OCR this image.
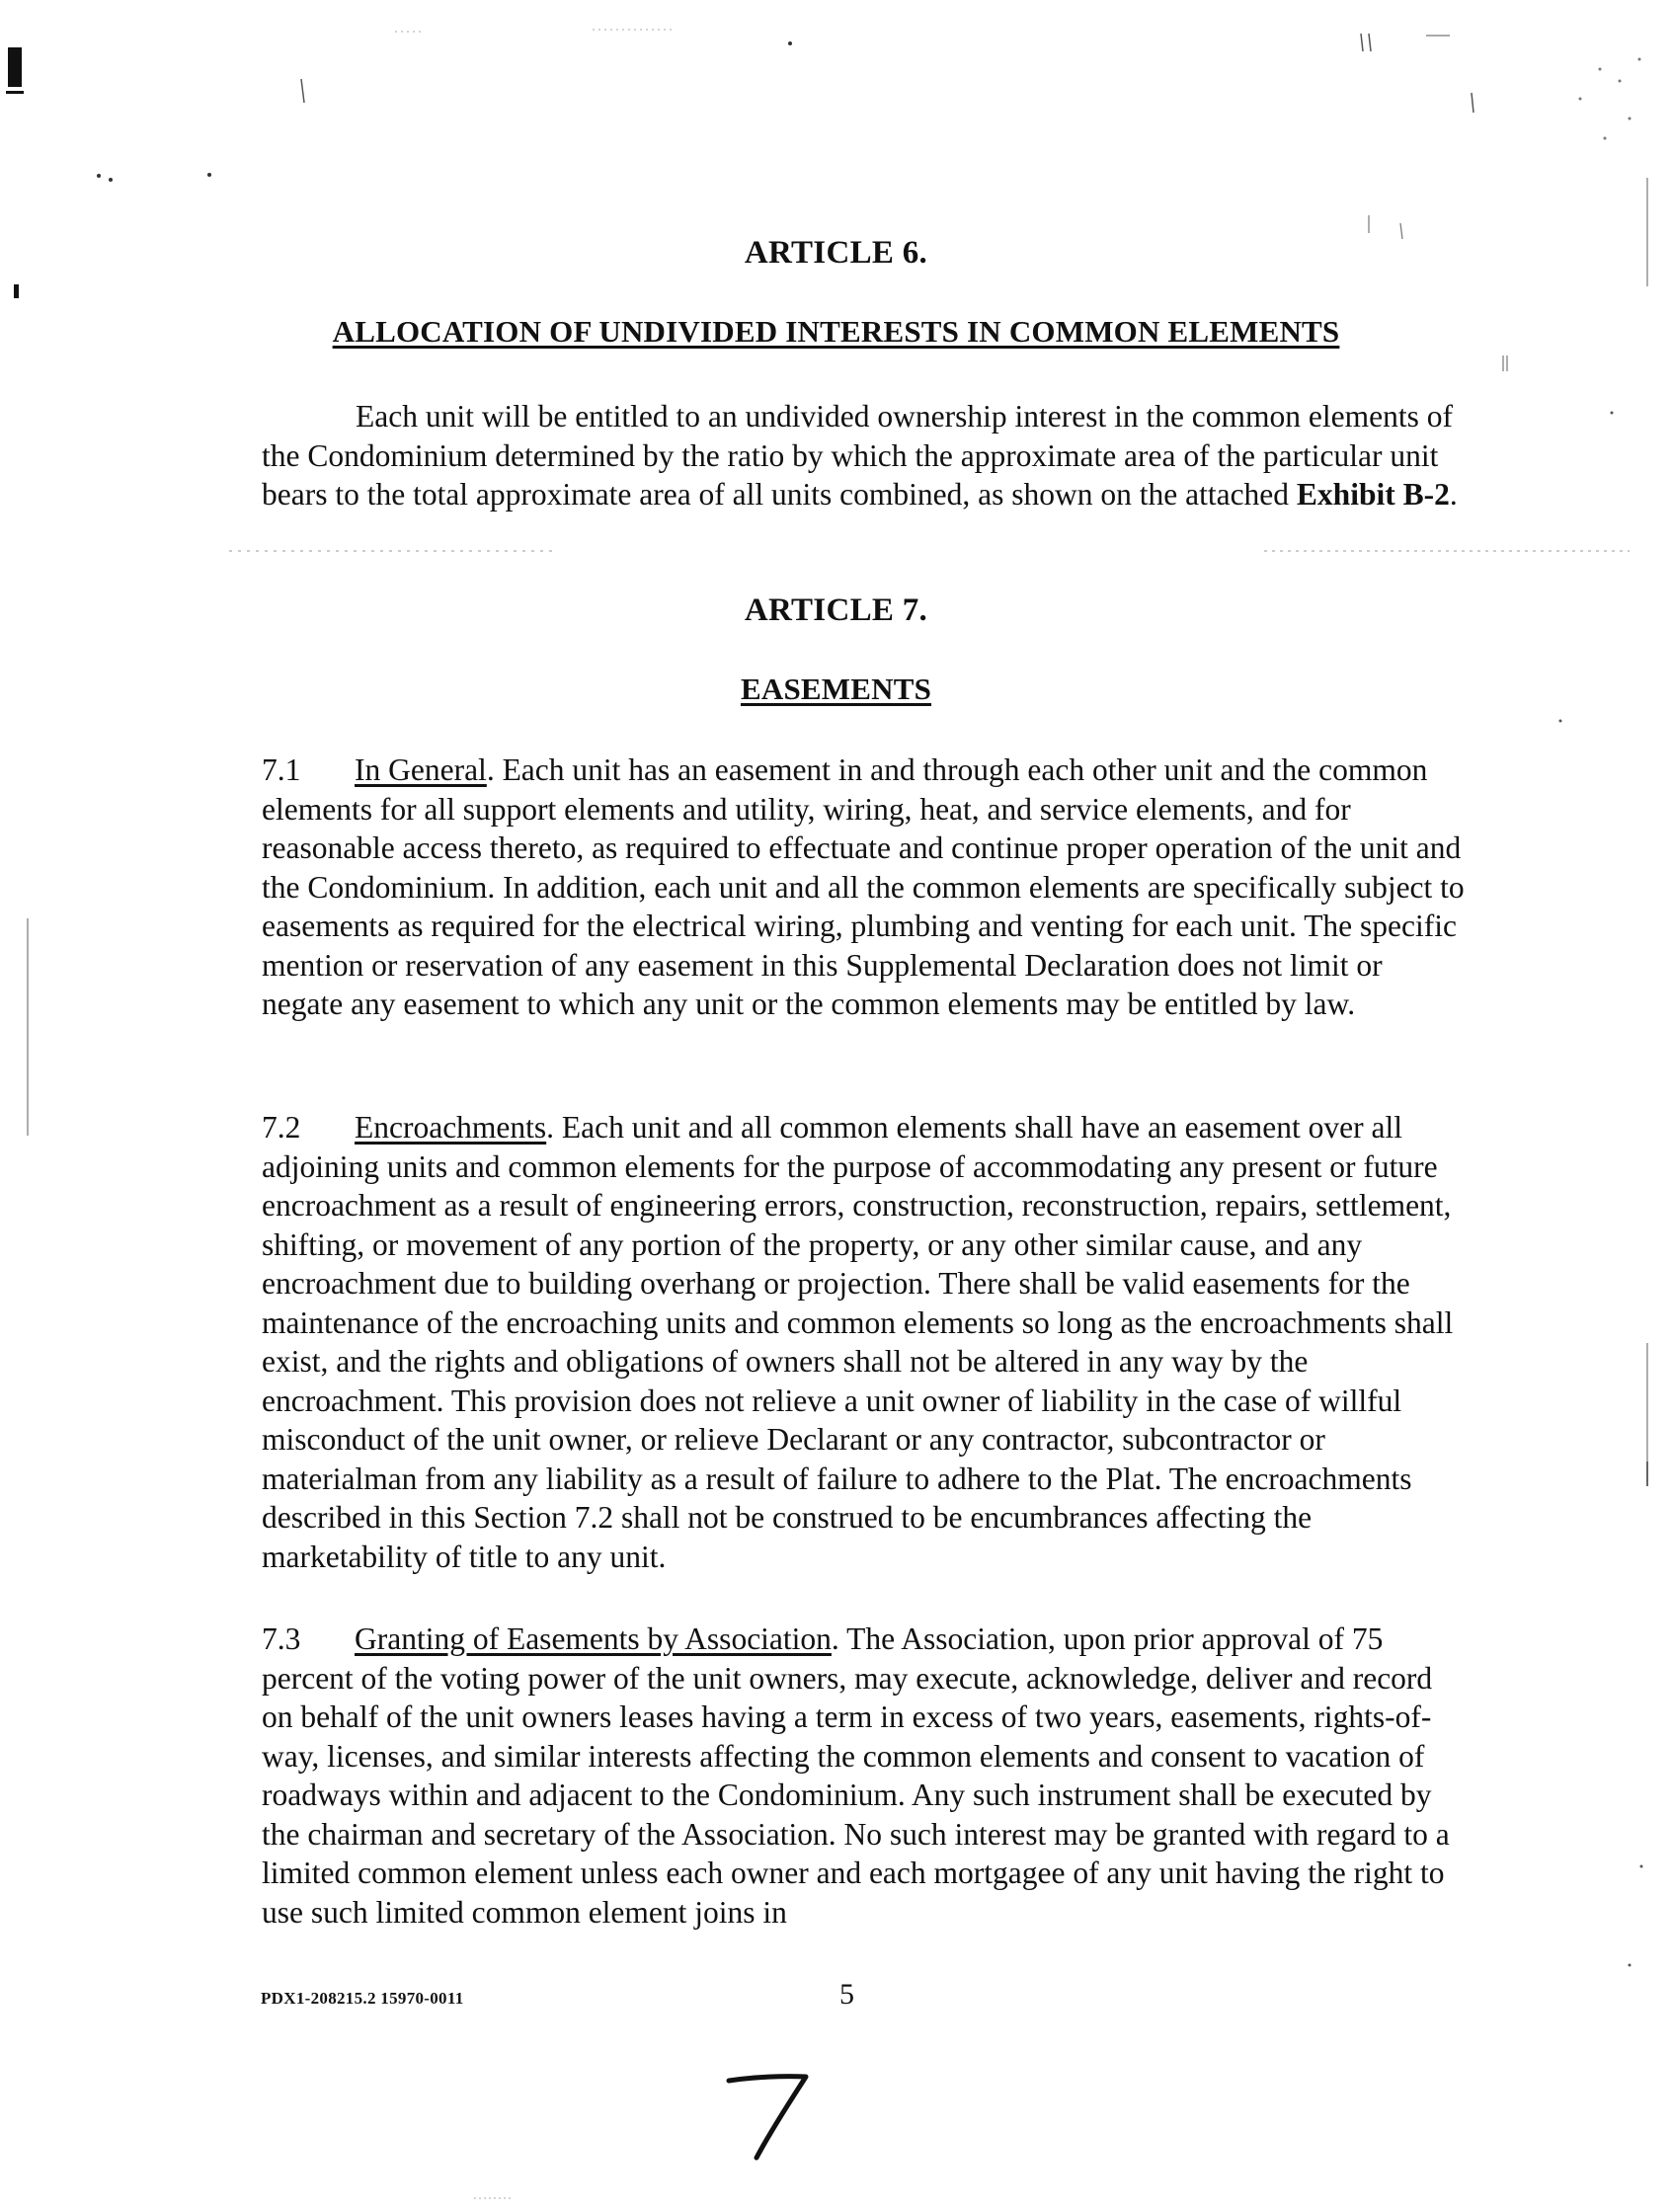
ARTICLE 6.
ALLOCATION OF UNDIVIDED INTERESTS IN COMMON ELEMENTS
Each unit will be entitled to an undivided ownership interest in the common elements of the Condominium determined by the ratio by which the approximate area of the particular unit bears to the total approximate area of all units combined, as shown on the attached Exhibit B-2.
ARTICLE 7.
EASEMENTS
7.1 In General. Each unit has an easement in and through each other unit and the common elements for all support elements and utility, wiring, heat, and service elements, and for reasonable access thereto, as required to effectuate and continue proper operation of the unit and the Condominium. In addition, each unit and all the common elements are specifically subject to easements as required for the electrical wiring, plumbing and venting for each unit. The specific mention or reservation of any easement in this Supplemental Declaration does not limit or negate any easement to which any unit or the common elements may be entitled by law.
7.2 Encroachments. Each unit and all common elements shall have an easement over all adjoining units and common elements for the purpose of accommodating any present or future encroachment as a result of engineering errors, construction, reconstruction, repairs, settlement, shifting, or movement of any portion of the property, or any other similar cause, and any encroachment due to building overhang or projection. There shall be valid easements for the maintenance of the encroaching units and common elements so long as the encroachments shall exist, and the rights and obligations of owners shall not be altered in any way by the encroachment. This provision does not relieve a unit owner of liability in the case of willful misconduct of the unit owner, or relieve Declarant or any contractor, subcontractor or materialman from any liability as a result of failure to adhere to the Plat. The encroachments described in this Section 7.2 shall not be construed to be encumbrances affecting the marketability of title to any unit.
7.3 Granting of Easements by Association. The Association, upon prior approval of 75 percent of the voting power of the unit owners, may execute, acknowledge, deliver and record on behalf of the unit owners leases having a term in excess of two years, easements, rights-of-way, licenses, and similar interests affecting the common elements and consent to vacation of roadways within and adjacent to the Condominium. Any such instrument shall be executed by the chairman and secretary of the Association. No such interest may be granted with regard to a limited common element unless each owner and each mortgagee of any unit having the right to use such limited common element joins in
PDX1-208215.2 15970-0011	5
